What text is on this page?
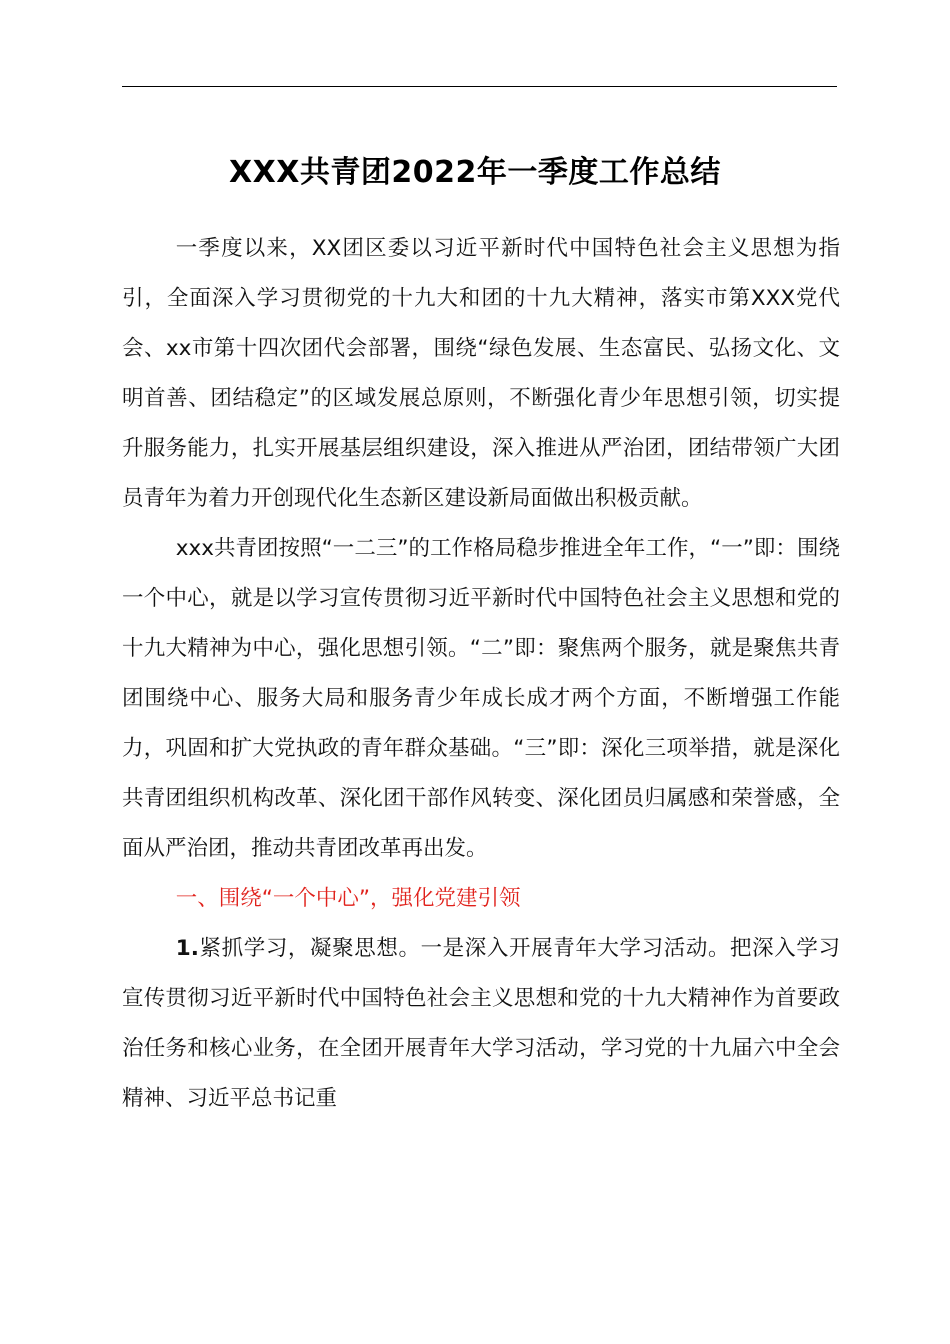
XXX共青团2022年一季度工作总结

一季度以来，XX团区委以习近平新时代中国特色社会主义思想为指引，全面深入学习贯彻党的十九大和团的十九大精神，落实市第XXX党代会、xx市第十四次团代会部署，围绕“绿色发展、生态富民、弘扬文化、文明首善、团结稳定”的区域发展总原则，不断强化青少年思想引领，切实提升服务能力，扎实开展基层组织建设，深入推进从严治团，团结带领广大团员青年为着力开创现代化生态新区建设新局面做出积极贡献。

xxx共青团按照“一二三”的工作格局稳步推进全年工作，“一”即：围绕一个中心，就是以学习宣传贯彻习近平新时代中国特色社会主义思想和党的十九大精神为中心，强化思想引领。“二”即：聚焦两个服务，就是聚焦共青团围绕中心、服务大局和服务青少年成长成才两个方面，不断增强工作能力，巩固和扩大党执政的青年群众基础。“三”即：深化三项举措，就是深化共青团组织机构改革、深化团干部作风转变、深化团员归属感和荣誉感，全面从严治团，推动共青团改革再出发。

一、围绕“一个中心”，强化党建引领

1.紧抓学习，凝聚思想。一是深入开展青年大学习活动。把深入学习宣传贯彻习近平新时代中国特色社会主义思想和党的十九大精神作为首要政治任务和核心业务，在全团开展青年大学习活动，学习党的十九届六中全会精神、习近平总书记重
